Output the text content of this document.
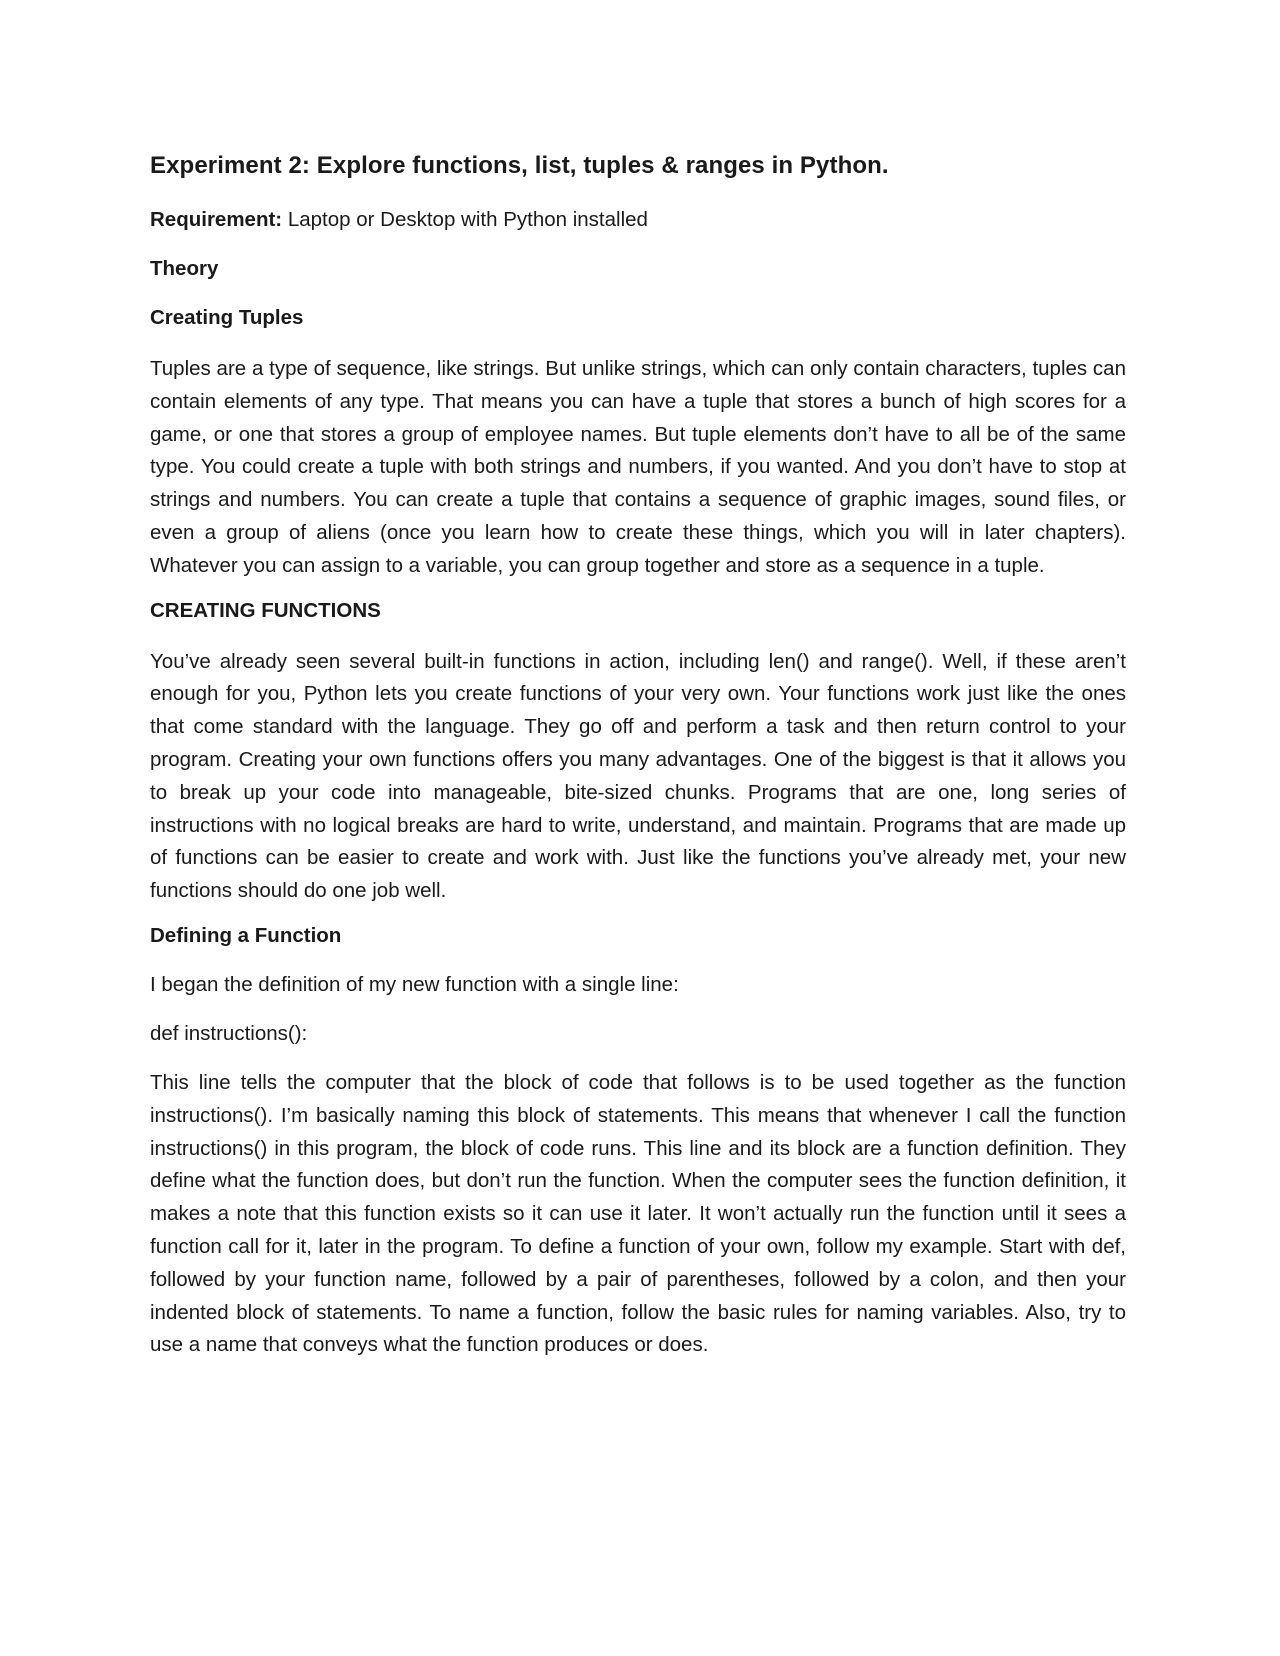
Experiment 2: Explore functions, list, tuples & ranges in Python.
Requirement: Laptop or Desktop with Python installed
Theory
Creating Tuples
Tuples are a type of sequence, like strings. But unlike strings, which can only contain characters, tuples can contain elements of any type. That means you can have a tuple that stores a bunch of high scores for a game, or one that stores a group of employee names. But tuple elements don’t have to all be of the same type. You could create a tuple with both strings and numbers, if you wanted. And you don’t have to stop at strings and numbers. You can create a tuple that contains a sequence of graphic images, sound files, or even a group of aliens (once you learn how to create these things, which you will in later chapters). Whatever you can assign to a variable, you can group together and store as a sequence in a tuple.
CREATING FUNCTIONS
You’ve already seen several built-in functions in action, including len() and range(). Well, if these aren’t enough for you, Python lets you create functions of your very own. Your functions work just like the ones that come standard with the language. They go off and perform a task and then return control to your program. Creating your own functions offers you many advantages. One of the biggest is that it allows you to break up your code into manageable, bite-sized chunks. Programs that are one, long series of instructions with no logical breaks are hard to write, understand, and maintain. Programs that are made up of functions can be easier to create and work with. Just like the functions you’ve already met, your new functions should do one job well.
Defining a Function
I began the definition of my new function with a single line:
def instructions():
This line tells the computer that the block of code that follows is to be used together as the function instructions(). I’m basically naming this block of statements. This means that whenever I call the function instructions() in this program, the block of code runs. This line and its block are a function definition. They define what the function does, but don’t run the function. When the computer sees the function definition, it makes a note that this function exists so it can use it later. It won’t actually run the function until it sees a function call for it, later in the program. To define a function of your own, follow my example. Start with def, followed by your function name, followed by a pair of parentheses, followed by a colon, and then your indented block of statements. To name a function, follow the basic rules for naming variables. Also, try to use a name that conveys what the function produces or does.
